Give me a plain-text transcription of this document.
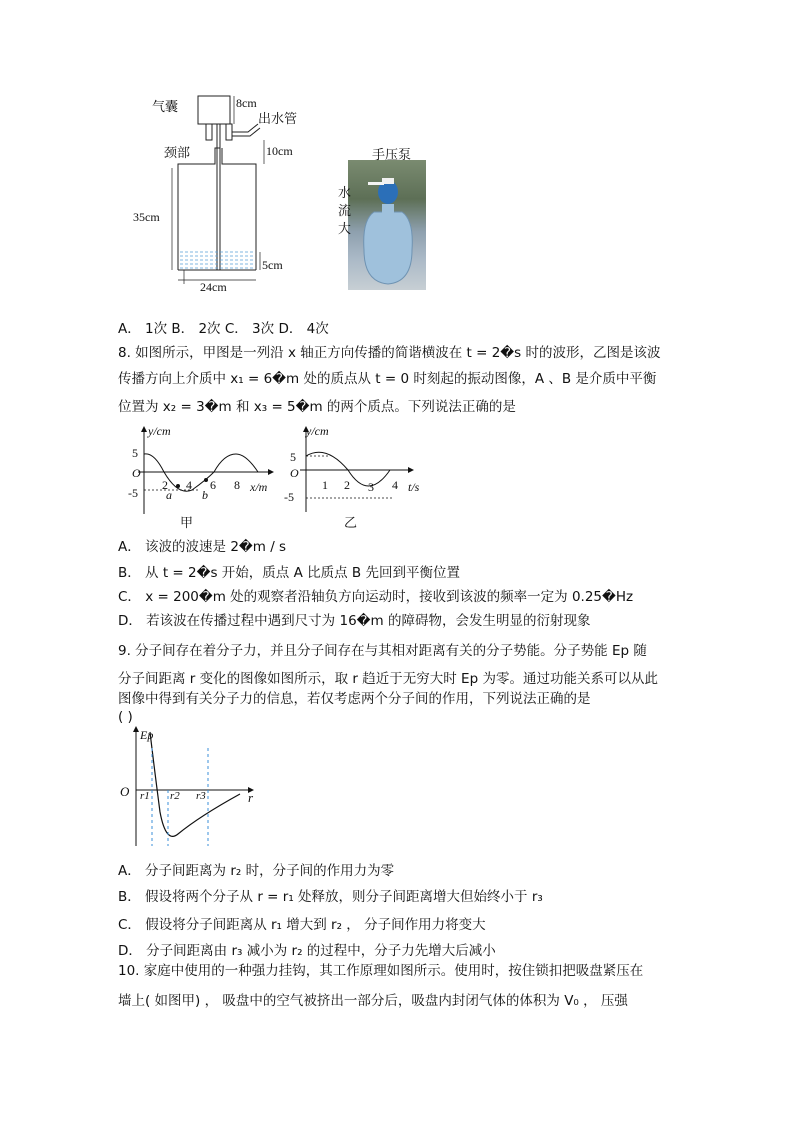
气囊
出水管
颈部
8cm
10cm
35cm
5cm
24cm
手压泵
水
流
大
A． 1次 B． 2次 C． 3次 D． 4次
8. 如图所示，甲图是一列沿 x 轴正方向传播的简谐横波在 t = 2�s 时的波形，乙图是该波
传播方向上介质中 x₁ = 6�m 处的质点从 t = 0 时刻起的振动图像，A 、B 是介质中平衡
位置为 x₂ = 3�m 和 x₃ = 5�m 的两个质点。下列说法正确的是
y/cm
5
O
-5
2 4 6 8 x/m
a	b
甲
y/cm
5
O
-5
1 2 3 4 t/s
乙
A． 该波的波速是 2�m / s
B． 从 t = 2�s 开始，质点 A 比质点 B 先回到平衡位置
C． x = 200�m 处的观察者沿轴负方向运动时，接收到该波的频率一定为 0.25�Hz
D． 若该波在传播过程中遇到尺寸为 16�m 的障碍物，会发生明显的衍射现象
9. 分子间存在着分子力，并且分子间存在与其相对距离有关的分子势能。分子势能 Ep 随
分子间距离 r 变化的图像如图所示，取 r 趋近于无穷大时 Ep 为零。通过功能关系可以从此
图像中得到有关分子力的信息，若仅考虑两个分子间的作用，下列说法正确的是
( )
Ep
O r1 r2 r3	r
A． 分子间距离为 r₂ 时，分子间的作用力为零
B． 假设将两个分子从 r = r₁ 处释放，则分子间距离增大但始终小于 r₃
C． 假设将分子间距离从 r₁ 增大到 r₂ ， 分子间作用力将变大
D． 分子间距离由 r₃ 减小为 r₂ 的过程中，分子力先增大后减小
10. 家庭中使用的一种强力挂钩，其工作原理如图所示。使用时，按住锁扣把吸盘紧压在
墙上( 如图甲) ， 吸盘中的空气被挤出一部分后，吸盘内封闭气体的体积为 V₀ ， 压强
